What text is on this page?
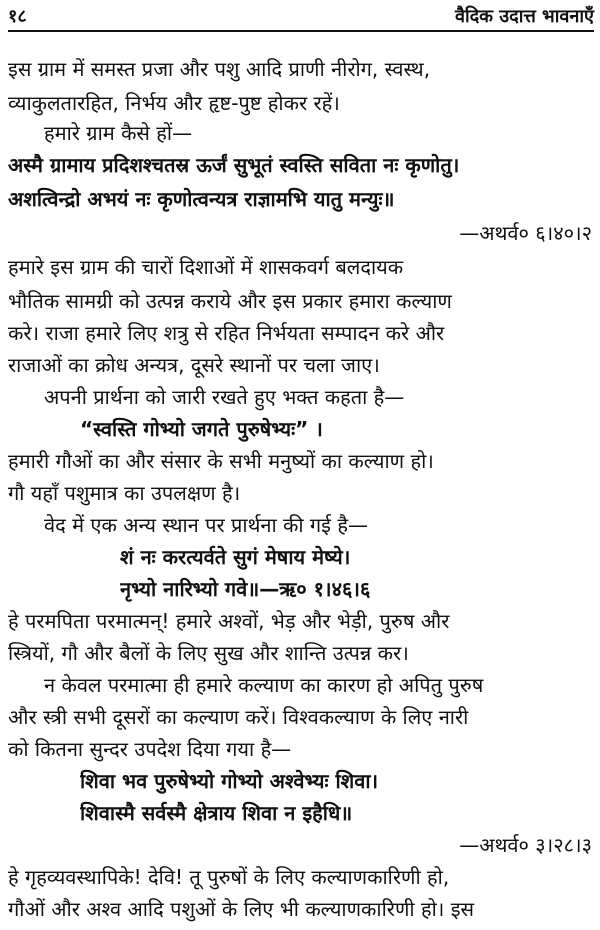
१८	वैदिक उदात्त भावनाएँ
इस ग्राम में समस्त प्रजा और पशु आदि प्राणी नीरोग, स्वस्थ,
व्याकुलतारहित, निर्भय और हृष्ट-पुष्ट होकर रहें।
हमारे ग्राम कैसे हों—
अस्मै ग्रामाय प्रदिशश्चतस्र ऊर्जं सुभूतं स्वस्ति सविता नः कृणोतु।
अशत्विन्द्रो अभयं नः कृणोत्वन्यत्र राज्ञामभि यातु मन्युः॥
—अथर्व० ६।४०।२
हमारे इस ग्राम की चारों दिशाओं में शासकवर्ग बलदायक
भौतिक सामग्री को उत्पन्न कराये और इस प्रकार हमारा कल्याण
करे। राजा हमारे लिए शत्रु से रहित निर्भयता सम्पादन करे और
राजाओं का क्रोध अन्यत्र, दूसरे स्थानों पर चला जाए।
अपनी प्रार्थना को जारी रखते हुए भक्त कहता है—
“स्वस्ति गोभ्यो जगते पुरुषेभ्यः” ।
हमारी गौओं का और संसार के सभी मनुष्यों का कल्याण हो।
गौ यहाँ पशुमात्र का उपलक्षण है।
वेद में एक अन्य स्थान पर प्रार्थना की गई है—
शं नः करत्यर्वते सुगं मेषाय मेष्ये।
नृभ्यो नारिभ्यो गवे॥—ऋ० १।४६।६
हे परमपिता परमात्मन्! हमारे अश्वों, भेड़ और भेड़ी, पुरुष और
स्त्रियों, गौ और बैलों के लिए सुख और शान्ति उत्पन्न कर।
न केवल परमात्मा ही हमारे कल्याण का कारण हो अपितु पुरुष
और स्त्री सभी दूसरों का कल्याण करें। विश्वकल्याण के लिए नारी
को कितना सुन्दर उपदेश दिया गया है—
शिवा भव पुरुषेभ्यो गोभ्यो अश्वेभ्यः शिवा।
शिवास्मै सर्वस्मै क्षेत्राय शिवा न इहैधि॥
—अथर्व० ३।२८।३
हे गृहव्यवस्थापिके! देवि! तू पुरुषों के लिए कल्याणकारिणी हो,
गौओं और अश्व आदि पशुओं के लिए भी कल्याणकारिणी हो। इस
